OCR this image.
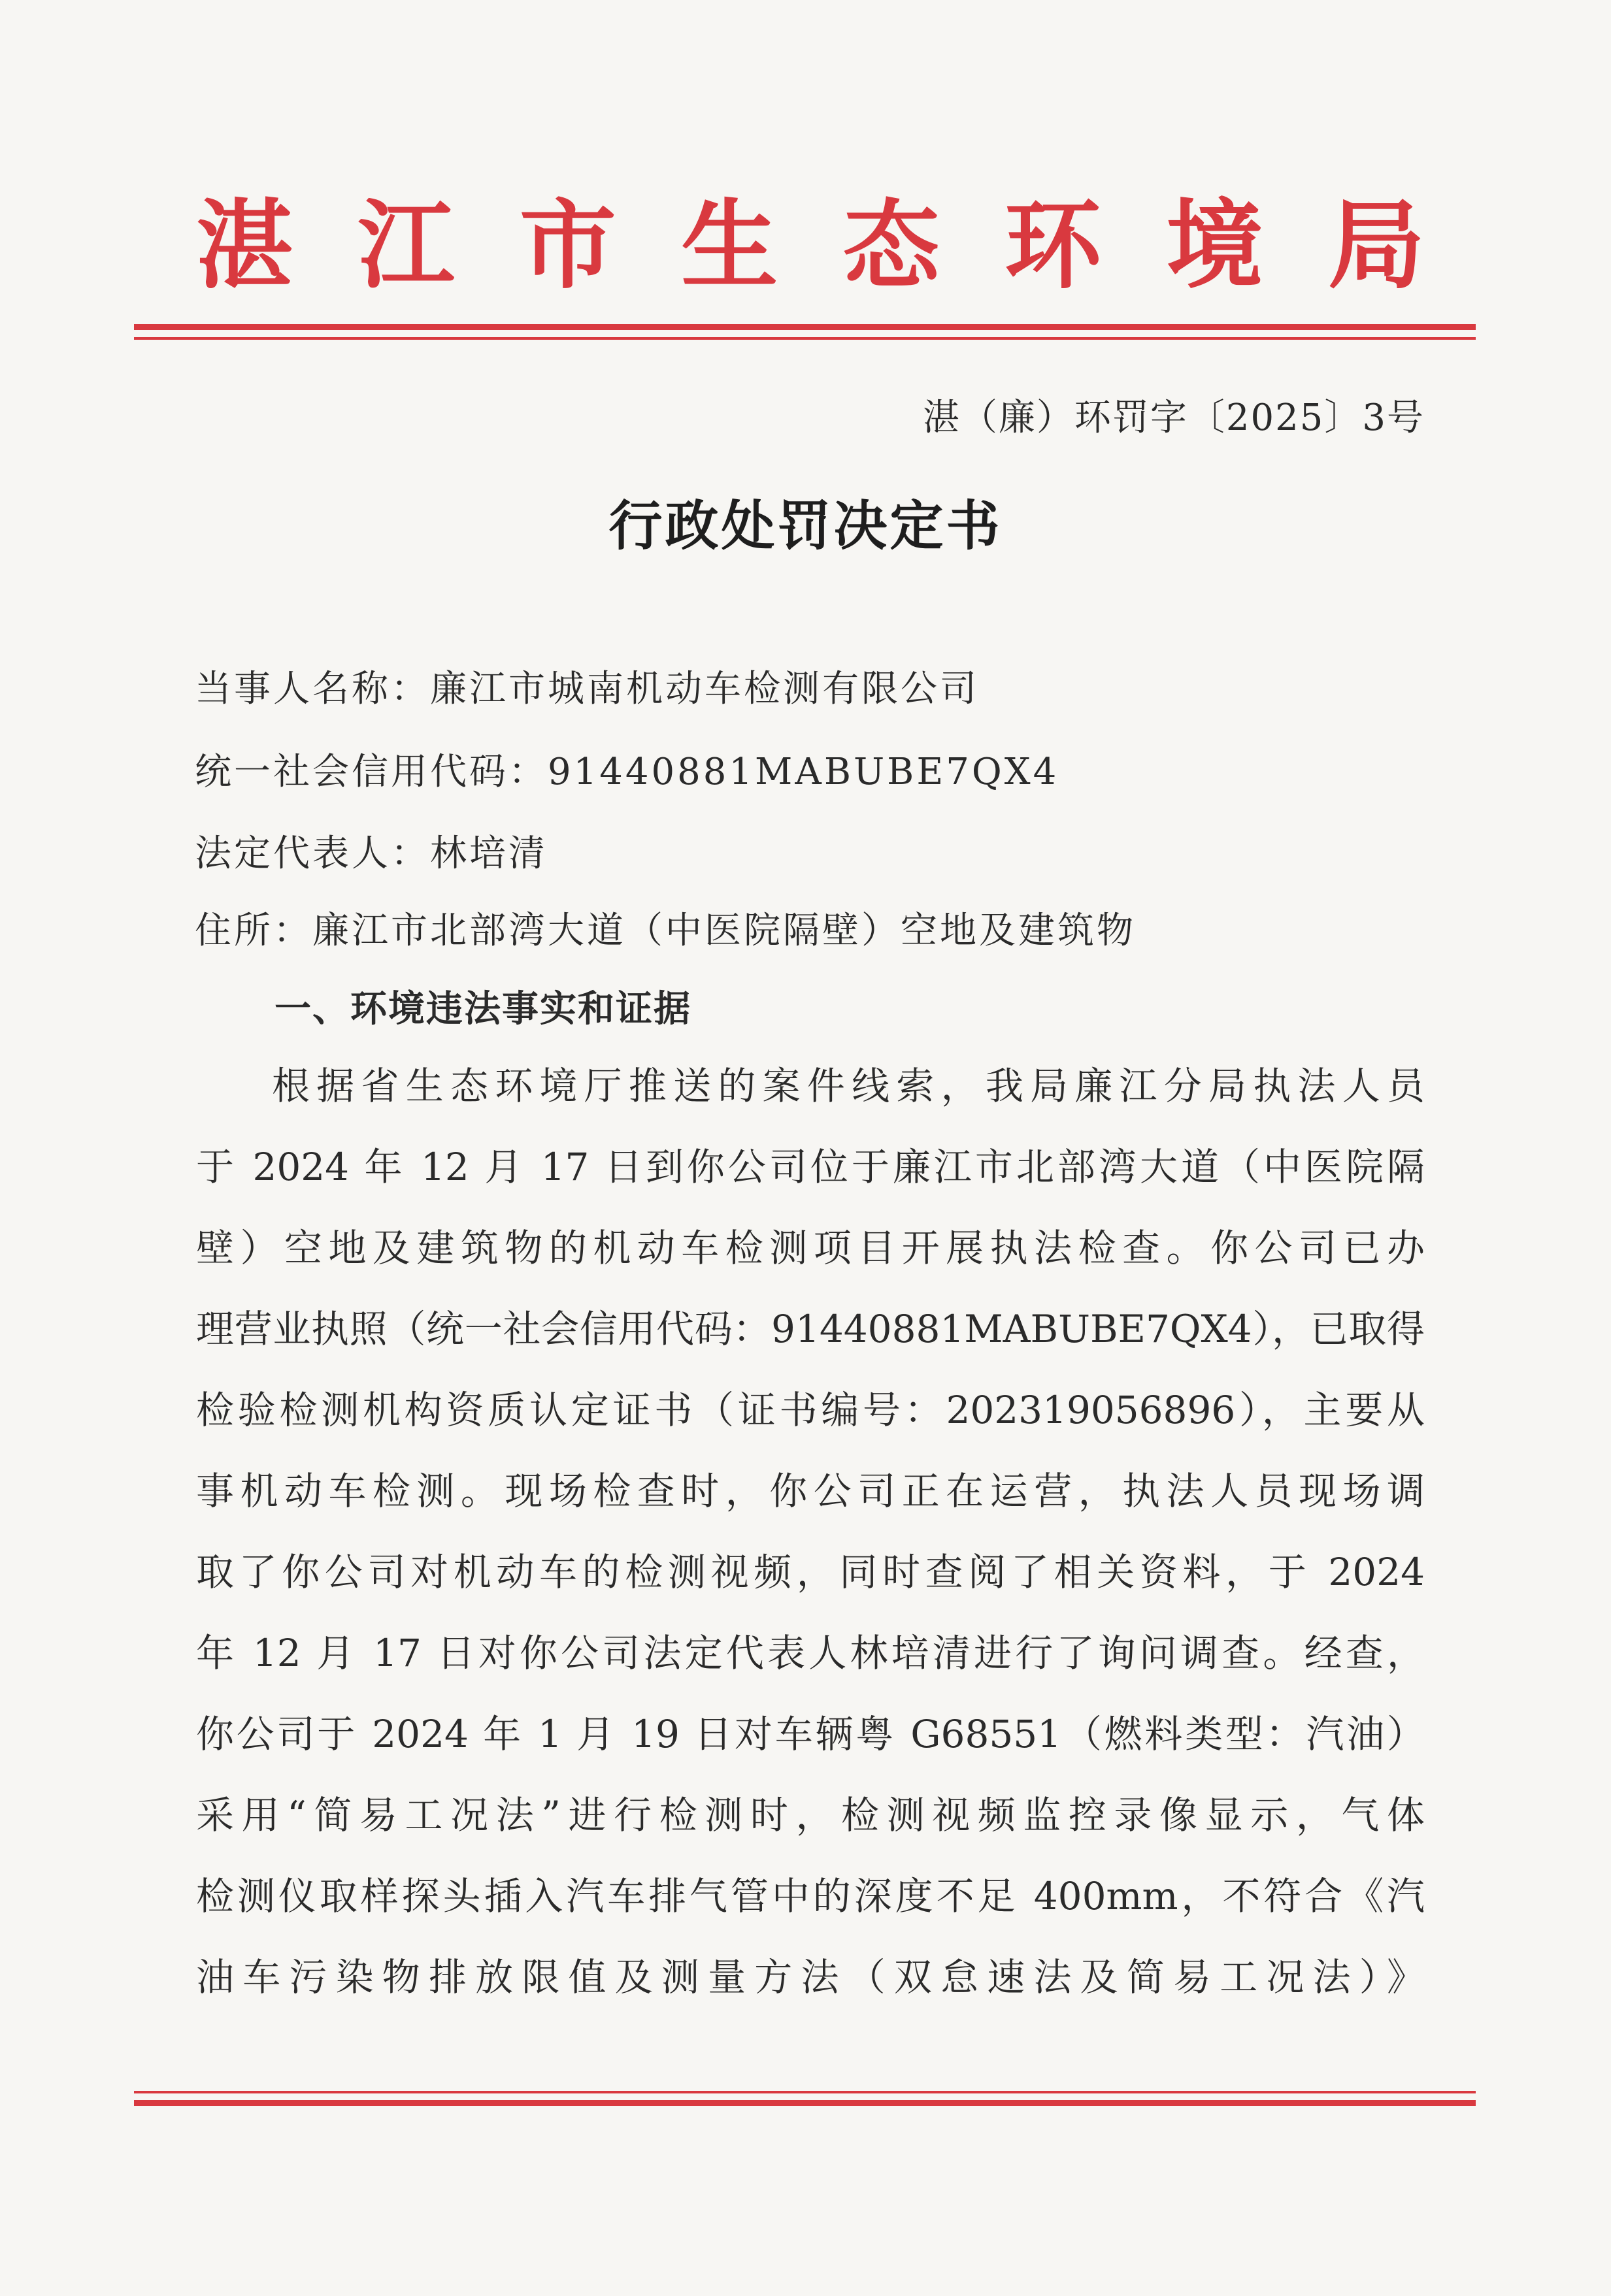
湛 江 市 生 态 环 境 局
湛（廉）环罚字〔2025〕3号
行政处罚决定书
当事人名称：廉江市城南机动车检测有限公司
统一社会信用代码：91440881MABUBE7QX4
法定代表人：林培清
住所：廉江市北部湾大道（中医院隔壁）空地及建筑物
一、环境违法事实和证据
根据省生态环境厅推送的案件线索，我局廉江分局执法人员
于 2024 年 12 月 17 日到你公司位于廉江市北部湾大道（中医院隔
壁）空地及建筑物的机动车检测项目开展执法检查。你公司已办
理营业执照（统一社会信用代码：91440881MABUBE7QX4），已取得
检验检测机构资质认定证书（证书编号：202319056896），主要从
事机动车检测。现场检查时，你公司正在运营，执法人员现场调
取了你公司对机动车的检测视频，同时查阅了相关资料，于 2024
年 12 月 17 日对你公司法定代表人林培清进行了询问调查。经查，
你公司于 2024 年 1 月 19 日对车辆粤 G68551（燃料类型：汽油）
采用“简易工况法”进行检测时，检测视频监控录像显示，气体
检测仪取样探头插入汽车排气管中的深度不足 400mm，不符合《汽
油车污染物排放限值及测量方法（双怠速法及简易工况法）》
